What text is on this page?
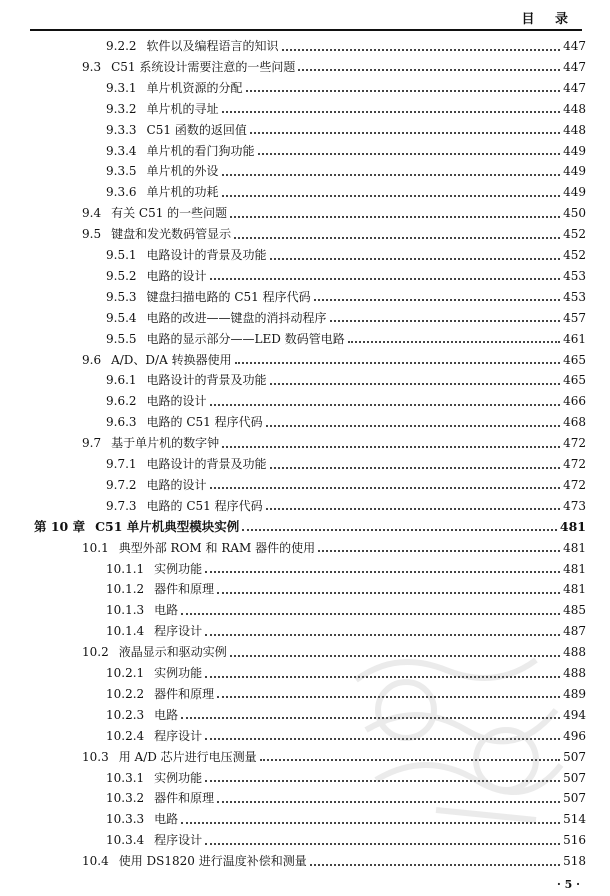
目 录
9.2.2 软件以及编程语言的知识	447
9.3 C51 系统设计需要注意的一些问题	447
9.3.1 单片机资源的分配	447
9.3.2 单片机的寻址	448
9.3.3 C51 函数的返回值	448
9.3.4 单片机的看门狗功能	449
9.3.5 单片机的外设	449
9.3.6 单片机的功耗	449
9.4 有关 C51 的一些问题	450
9.5 键盘和发光数码管显示	452
9.5.1 电路设计的背景及功能	452
9.5.2 电路的设计	453
9.5.3 键盘扫描电路的 C51 程序代码	453
9.5.4 电路的改进——键盘的消抖动程序	457
9.5.5 电路的显示部分——LED 数码管电路	461
9.6 A/D、D/A 转换器使用	465
9.6.1 电路设计的背景及功能	465
9.6.2 电路的设计	466
9.6.3 电路的 C51 程序代码	468
9.7 基于单片机的数字钟	472
9.7.1 电路设计的背景及功能	472
9.7.2 电路的设计	472
9.7.3 电路的 C51 程序代码	473
第 10 章 C51 单片机典型模块实例	481
10.1 典型外部 ROM 和 RAM 器件的使用	481
10.1.1 实例功能	481
10.1.2 器件和原理	481
10.1.3 电路	485
10.1.4 程序设计	487
10.2 液晶显示和驱动实例	488
10.2.1 实例功能	488
10.2.2 器件和原理	489
10.2.3 电路	494
10.2.4 程序设计	496
10.3 用 A/D 芯片进行电压测量	507
10.3.1 实例功能	507
10.3.2 器件和原理	507
10.3.3 电路	514
10.3.4 程序设计	516
10.4 使用 DS1820 进行温度补偿和测量	518
· 5 ·
